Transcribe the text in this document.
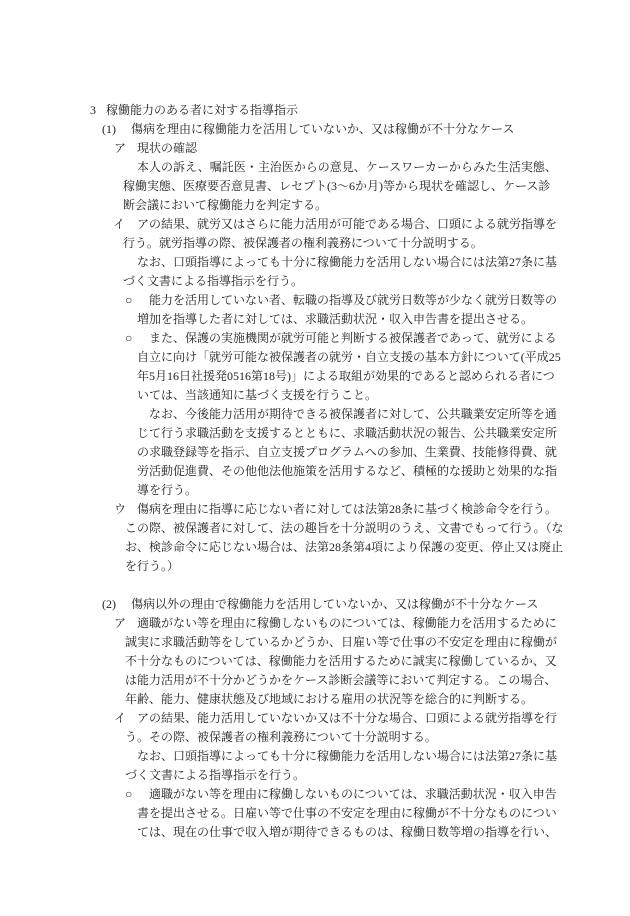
3 稼働能力のある者に対する指導指示
(1) 傷病を理由に稼働能力を活用していないか、又は稼働が不十分なケース
ア 現状の確認
本人の訴え、嘱託医・主治医からの意見、ケースワーカーからみた生活実態、
稼働実態、医療要否意見書、レセプト(3～6か月)等から現状を確認し、ケース診
断会議において稼働能力を判定する。
イ アの結果、就労又はさらに能力活用が可能である場合、口頭による就労指導を
行う。就労指導の際、被保護者の権利義務について十分説明する。
なお、口頭指導によっても十分に稼働能力を活用しない場合には法第27条に基
づく文書による指導指示を行う。
○ 能力を活用していない者、転職の指導及び就労日数等が少なく就労日数等の
増加を指導した者に対しては、求職活動状況・収入申告書を提出させる。
○ また、保護の実施機関が就労可能と判断する被保護者であって、就労による
自立に向け「就労可能な被保護者の就労・自立支援の基本方針について(平成25
年5月16日社援発0516第18号)」による取組が効果的であると認められる者につ
いては、当該通知に基づく支援を行うこと。
なお、今後能力活用が期待できる被保護者に対して、公共職業安定所等を通
じて行う求職活動を支援するとともに、求職活動状況の報告、公共職業安定所
の求職登録等を指示、自立支援プログラムへの参加、生業費、技能修得費、就
労活動促進費、その他他法他施策を活用するなど、積極的な援助と効果的な指
導を行う。
ウ 傷病を理由に指導に応じない者に対しては法第28条に基づく検診命令を行う。
この際、被保護者に対して、法の趣旨を十分説明のうえ、文書でもって行う。（な
お、検診命令に応じない場合は、法第28条第4項により保護の変更、停止又は廃止
を行う。）
(2) 傷病以外の理由で稼働能力を活用していないか、又は稼働が不十分なケース
ア 適職がない等を理由に稼働しないものについては、稼働能力を活用するために
誠実に求職活動等をしているかどうか、日雇い等で仕事の不安定を理由に稼働が
不十分なものについては、稼働能力を活用するために誠実に稼働しているか、又
は能力活用が不十分かどうかをケース診断会議等において判定する。この場合、
年齢、能力、健康状態及び地域における雇用の状況等を総合的に判断する。
イ アの結果、能力活用していないか又は不十分な場合、口頭による就労指導を行
う。その際、被保護者の権利義務について十分説明する。
なお、口頭指導によっても十分に稼働能力を活用しない場合には法第27条に基
づく文書による指導指示を行う。
○ 適職がない等を理由に稼働しないものについては、求職活動状況・収入申告
書を提出させる。日雇い等で仕事の不安定を理由に稼働が不十分なものについ
ては、現在の仕事で収入増が期待できるものは、稼働日数等増の指導を行い、
